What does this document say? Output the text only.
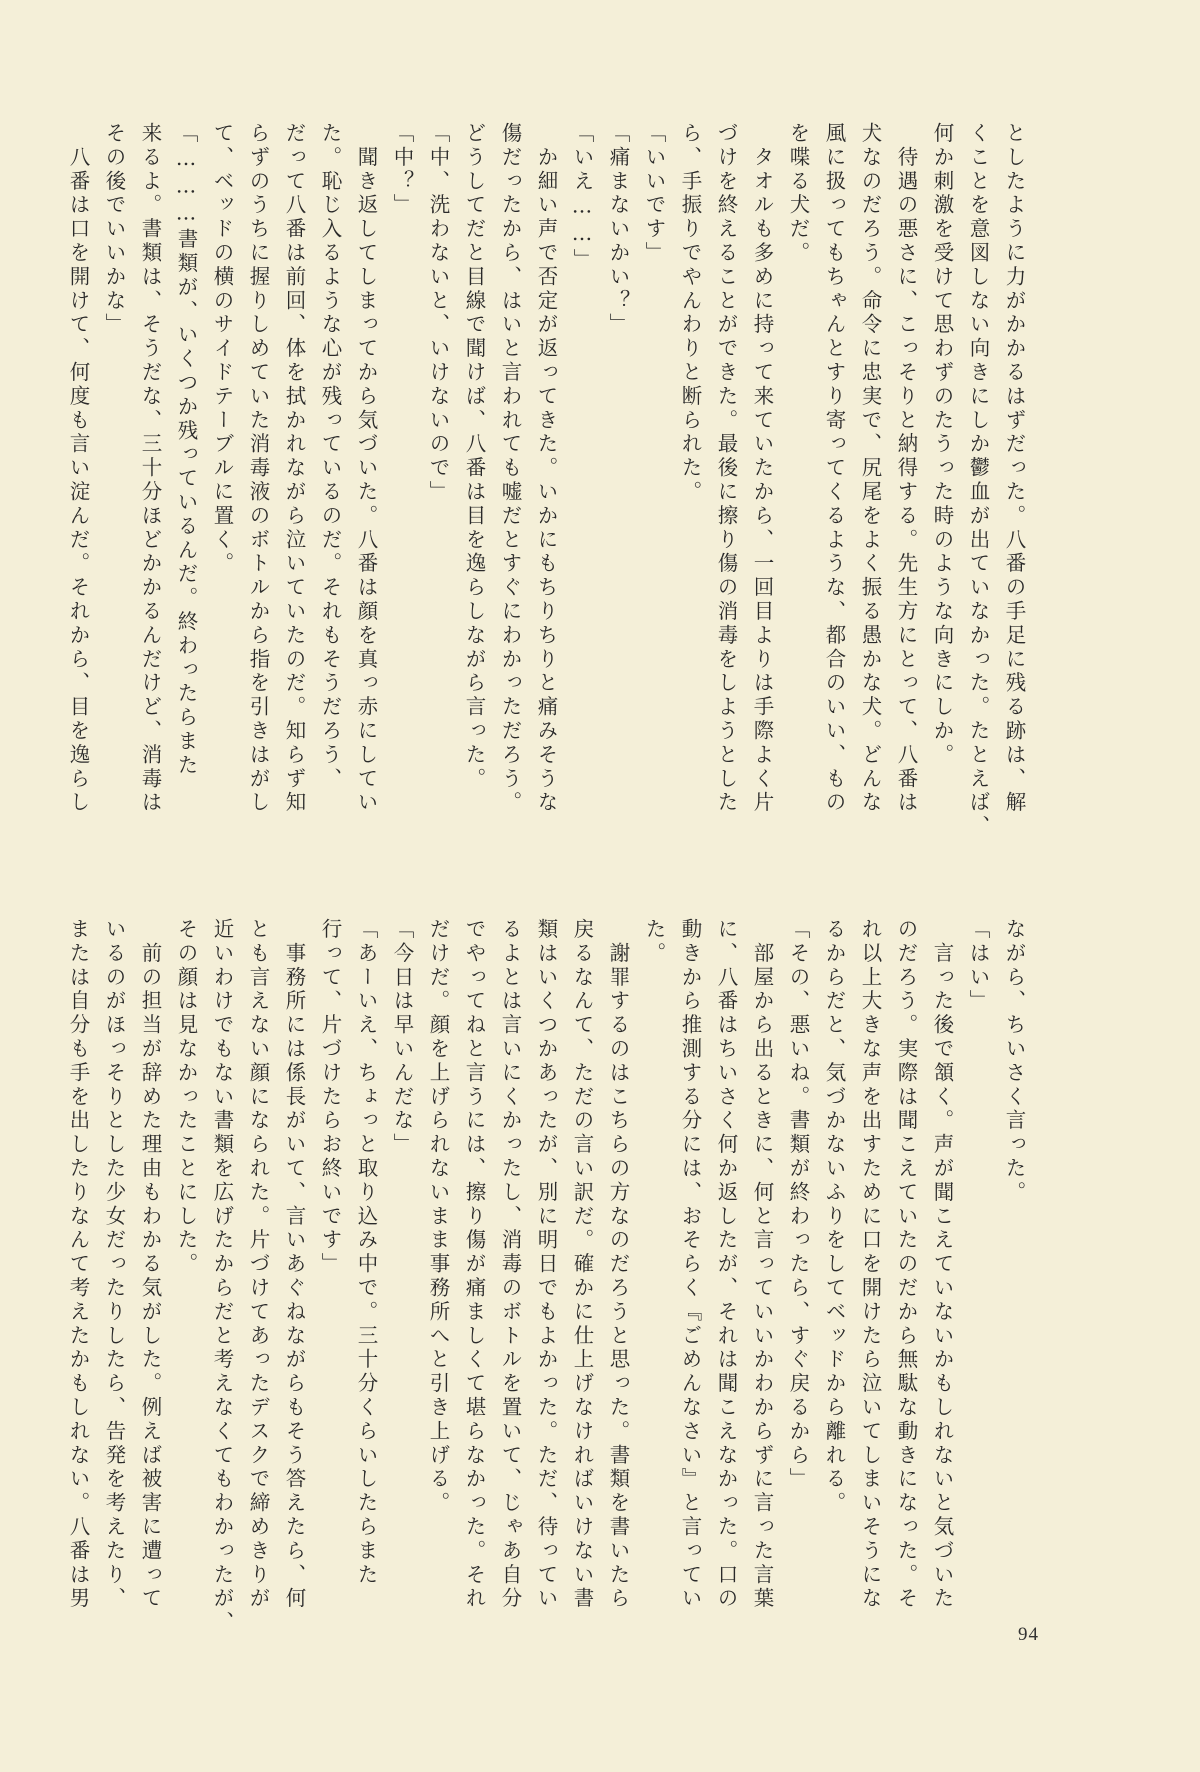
としたように力がかかるはずだった。八番の手足に残る跡は、解
くことを意図しない向きにしか鬱血が出ていなかった。たとえば、
何か刺激を受けて思わずのたうった時のような向きにしか。
　待遇の悪さに、こっそりと納得する。先生方にとって、八番は
犬なのだろう。命令に忠実で、尻尾をよく振る愚かな犬。どんな
風に扱ってもちゃんとすり寄ってくるような、都合のいい、もの
を喋る犬だ。
　タオルも多めに持って来ていたから、一回目よりは手際よく片
づけを終えることができた。最後に擦り傷の消毒をしようとした
ら、手振りでやんわりと断られた。
「いいです」
「痛まないかい？」
「いえ……」
　か細い声で否定が返ってきた。いかにもちりちりと痛みそうな
傷だったから、はいと言われても嘘だとすぐにわかっただろう。
どうしてだと目線で聞けば、八番は目を逸らしながら言った。
「中、洗わないと、いけないので」
「中？」
　聞き返してしまってから気づいた。八番は顔を真っ赤にしてい
た。恥じ入るような心が残っているのだ。それもそうだろう、
だって八番は前回、体を拭かれながら泣いていたのだ。知らず知
らずのうちに握りしめていた消毒液のボトルから指を引きはがし
て、ベッドの横のサイドテーブルに置く。
「………書類が、いくつか残っているんだ。終わったらまた
来るよ。書類は、そうだな、三十分ほどかかるんだけど、消毒は
その後でいいかな」
　八番は口を開けて、何度も言い淀んだ。それから、目を逸らし
ながら、ちいさく言った。
「はい」
　言った後で頷く。声が聞こえていないかもしれないと気づいた
のだろう。実際は聞こえていたのだから無駄な動きになった。そ
れ以上大きな声を出すために口を開けたら泣いてしまいそうにな
るからだと、気づかないふりをしてベッドから離れる。
「その、悪いね。書類が終わったら、すぐ戻るから」
　部屋から出るときに、何と言っていいかわからずに言った言葉
に、八番はちいさく何か返したが、それは聞こえなかった。口の
動きから推測する分には、おそらく『ごめんなさい』と言ってい
た。
　謝罪するのはこちらの方なのだろうと思った。書類を書いたら
戻るなんて、ただの言い訳だ。確かに仕上げなければいけない書
類はいくつかあったが、別に明日でもよかった。ただ、待ってい
るよとは言いにくかったし、消毒のボトルを置いて、じゃあ自分
でやってねと言うには、擦り傷が痛ましくて堪らなかった。それ
だけだ。顔を上げられないまま事務所へと引き上げる。
「今日は早いんだな」
「あーいえ、ちょっと取り込み中で。三十分くらいしたらまた
行って、片づけたらお終いです」
　事務所には係長がいて、言いあぐねながらもそう答えたら、何
とも言えない顔になられた。片づけてあったデスクで締めきりが
近いわけでもない書類を広げたからだと考えなくてもわかったが、
その顔は見なかったことにした。
　前の担当が辞めた理由もわかる気がした。例えば被害に遭って
いるのがほっそりとした少女だったりしたら、告発を考えたり、
または自分も手を出したりなんて考えたかもしれない。八番は男
94
